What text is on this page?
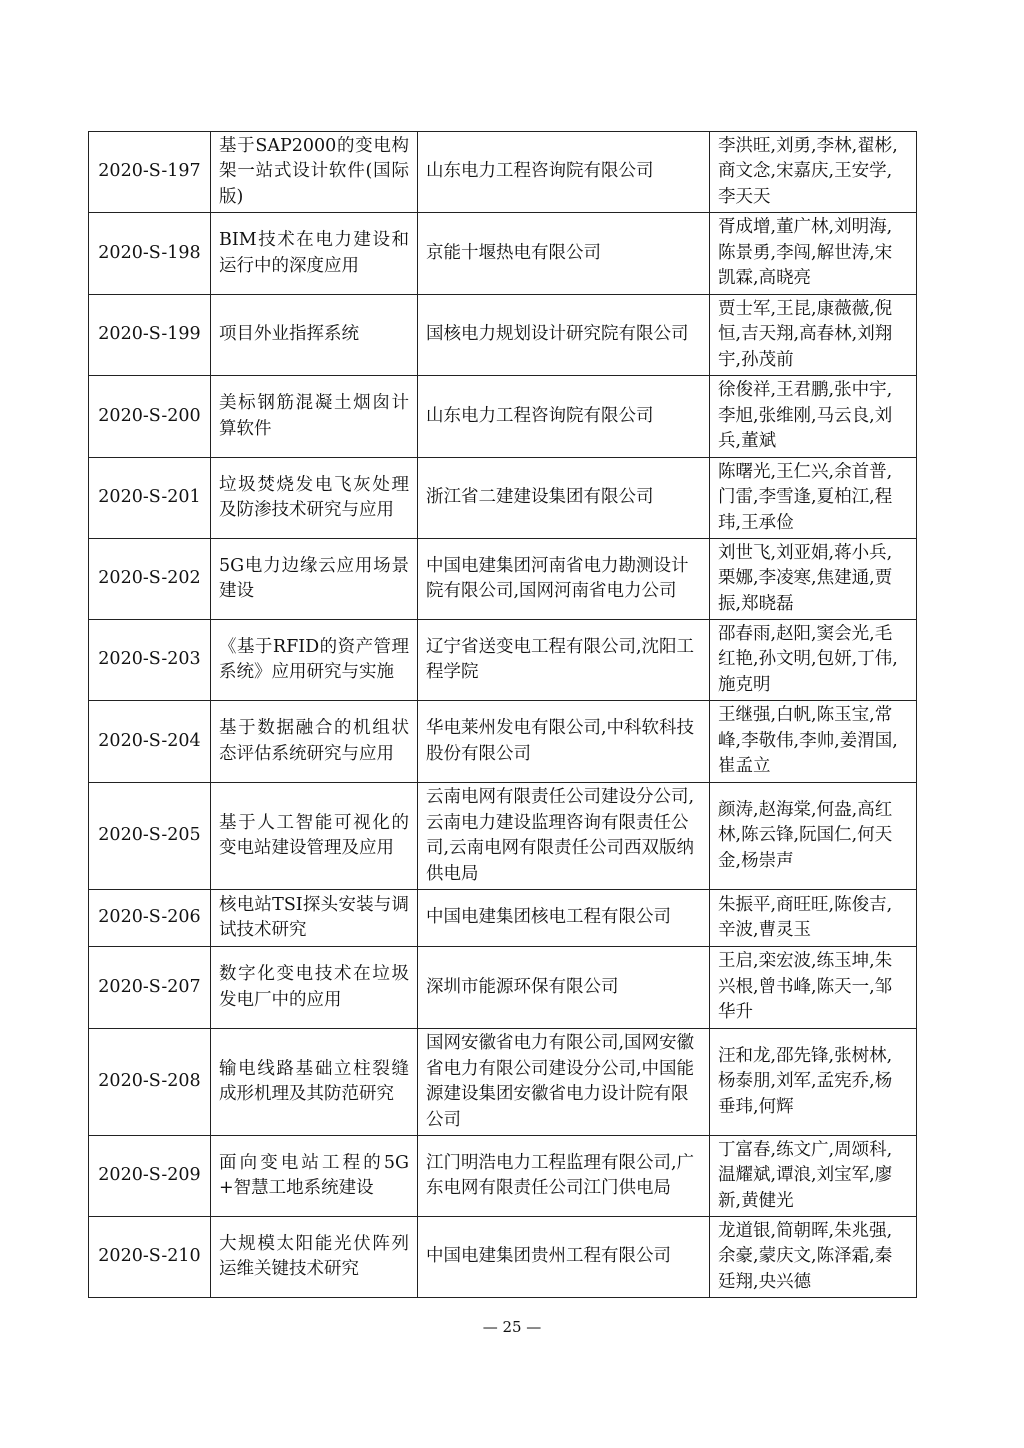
2020-S-197	基于SAP2000的变电构架一站式设计软件(国际版)	山东电力工程咨询院有限公司	李洪旺,刘勇,李林,翟彬,商文念,宋嘉庆,王安学,李天天
2020-S-198	BIM技术在电力建设和运行中的深度应用	京能十堰热电有限公司	胥成增,董广林,刘明海,陈景勇,李闯,解世涛,宋凯霖,高晓亮
2020-S-199	项目外业指挥系统	国核电力规划设计研究院有限公司	贾士军,王昆,康薇薇,倪恒,吉天翔,高春林,刘翔宇,孙茂前
2020-S-200	美标钢筋混凝土烟囱计算软件	山东电力工程咨询院有限公司	徐俊祥,王君鹏,张中宇,李旭,张维刚,马云良,刘兵,董斌
2020-S-201	垃圾焚烧发电飞灰处理及防渗技术研究与应用	浙江省二建建设集团有限公司	陈曙光,王仁兴,余首普,门雷,李雪逢,夏柏江,程玮,王承俭
2020-S-202	5G电力边缘云应用场景建设	中国电建集团河南省电力勘测设计院有限公司,国网河南省电力公司	刘世飞,刘亚娟,蒋小兵,栗娜,李凌寒,焦建通,贾振,郑晓磊
2020-S-203	《基于RFID的资产管理系统》应用研究与实施	辽宁省送变电工程有限公司,沈阳工程学院	邵春雨,赵阳,窦会光,毛红艳,孙文明,包妍,丁伟,施克明
2020-S-204	基于数据融合的机组状态评估系统研究与应用	华电莱州发电有限公司,中科软科技股份有限公司	王继强,白帆,陈玉宝,常峰,李敬伟,李帅,姜渭国,崔孟立
2020-S-205	基于人工智能可视化的变电站建设管理及应用	云南电网有限责任公司建设分公司,云南电力建设监理咨询有限责任公司,云南电网有限责任公司西双版纳供电局	颜涛,赵海棠,何盎,高红林,陈云锋,阮国仁,何天金,杨崇声
2020-S-206	核电站TSI探头安装与调试技术研究	中国电建集团核电工程有限公司	朱振平,商旺旺,陈俊吉,辛波,曹灵玉
2020-S-207	数字化变电技术在垃圾发电厂中的应用	深圳市能源环保有限公司	王启,栾宏波,练玉坤,朱兴根,曾书峰,陈天一,邹华升
2020-S-208	输电线路基础立柱裂缝成形机理及其防范研究	国网安徽省电力有限公司,国网安徽省电力有限公司建设分公司,中国能源建设集团安徽省电力设计院有限公司	汪和龙,邵先锋,张树林,杨泰朋,刘军,孟宪乔,杨垂玮,何辉
2020-S-209	面向变电站工程的5G+智慧工地系统建设	江门明浩电力工程监理有限公司,广东电网有限责任公司江门供电局	丁富春,练文广,周颂科,温耀斌,谭浪,刘宝军,廖新,黄健光
2020-S-210	大规模太阳能光伏阵列运维关键技术研究	中国电建集团贵州工程有限公司	龙道银,简朝晖,朱兆强,余豪,蒙庆文,陈泽霜,秦廷翔,央兴德
— 25 —
